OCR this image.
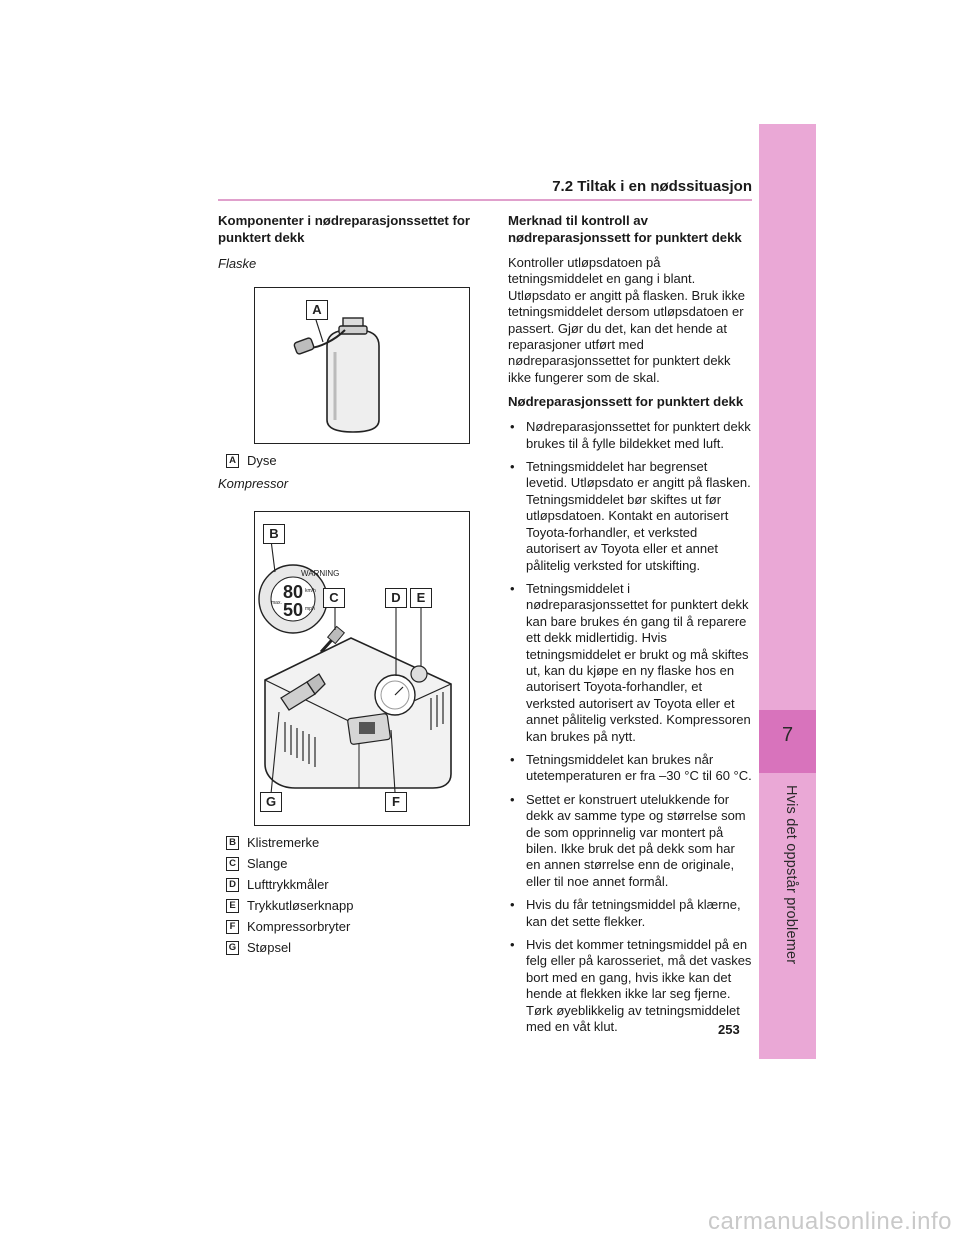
7
Hvis det oppstår problemer
7.2 Tiltak i en nødssituasjon
Komponenter i nødreparasjonssettet for punktert dekk

Flaske

A
A Dyse
Kompressor
80
50
WARNING
km/h
mph
max.
B
C	D	E
F
G
B Klistremerke
C Slange
D Lufttrykkmåler
E Trykkutløserknapp
F Kompressorbryter
G Støpsel
Merknad til kontroll av nødreparasjonssett for punktert dekk

Kontroller utløpsdatoen på tetningsmiddelet en gang i blant. Utløpsdato er angitt på flasken. Bruk ikke tetningsmiddelet dersom utløpsdatoen er passert. Gjør du det, kan det hende at reparasjoner utført med nødreparasjonssettet for punktert dekk ikke fungerer som de skal.

Nødreparasjonssett for punktert dekk
• Nødreparasjonssettet for punktert dekk brukes til å fylle bildekket med luft.
• Tetningsmiddelet har begrenset levetid. Utløpsdato er angitt på flasken. Tetningsmiddelet bør skiftes ut før utløpsdatoen. Kontakt en autorisert Toyota-forhandler, et verksted autorisert av Toyota eller et annet pålitelig verksted for utskifting.
• Tetningsmiddelet i nødreparasjonssettet for punktert dekk kan bare brukes én gang til å reparere ett dekk midlertidig. Hvis tetningsmiddelet er brukt og må skiftes ut, kan du kjøpe en ny flaske hos en autorisert Toyota-forhandler, et verksted autorisert av Toyota eller et annet pålitelig verksted. Kompressoren kan brukes på nytt.
• Tetningsmiddelet kan brukes når utetemperaturen er fra –30 °C til 60 °C.
• Settet er konstruert utelukkende for dekk av samme type og størrelse som de som opprinnelig var montert på bilen. Ikke bruk det på dekk som har en annen størrelse enn de originale, eller til noe annet formål.
• Hvis du får tetningsmiddel på klærne, kan det sette flekker.
• Hvis det kommer tetningsmiddel på en felg eller på karosseriet, må det vaskes bort med en gang, hvis ikke kan det hende at flekken ikke lar seg fjerne. Tørk øyeblikkelig av tetningsmiddelet med en våt klut.	253
carmanualsonline.info
